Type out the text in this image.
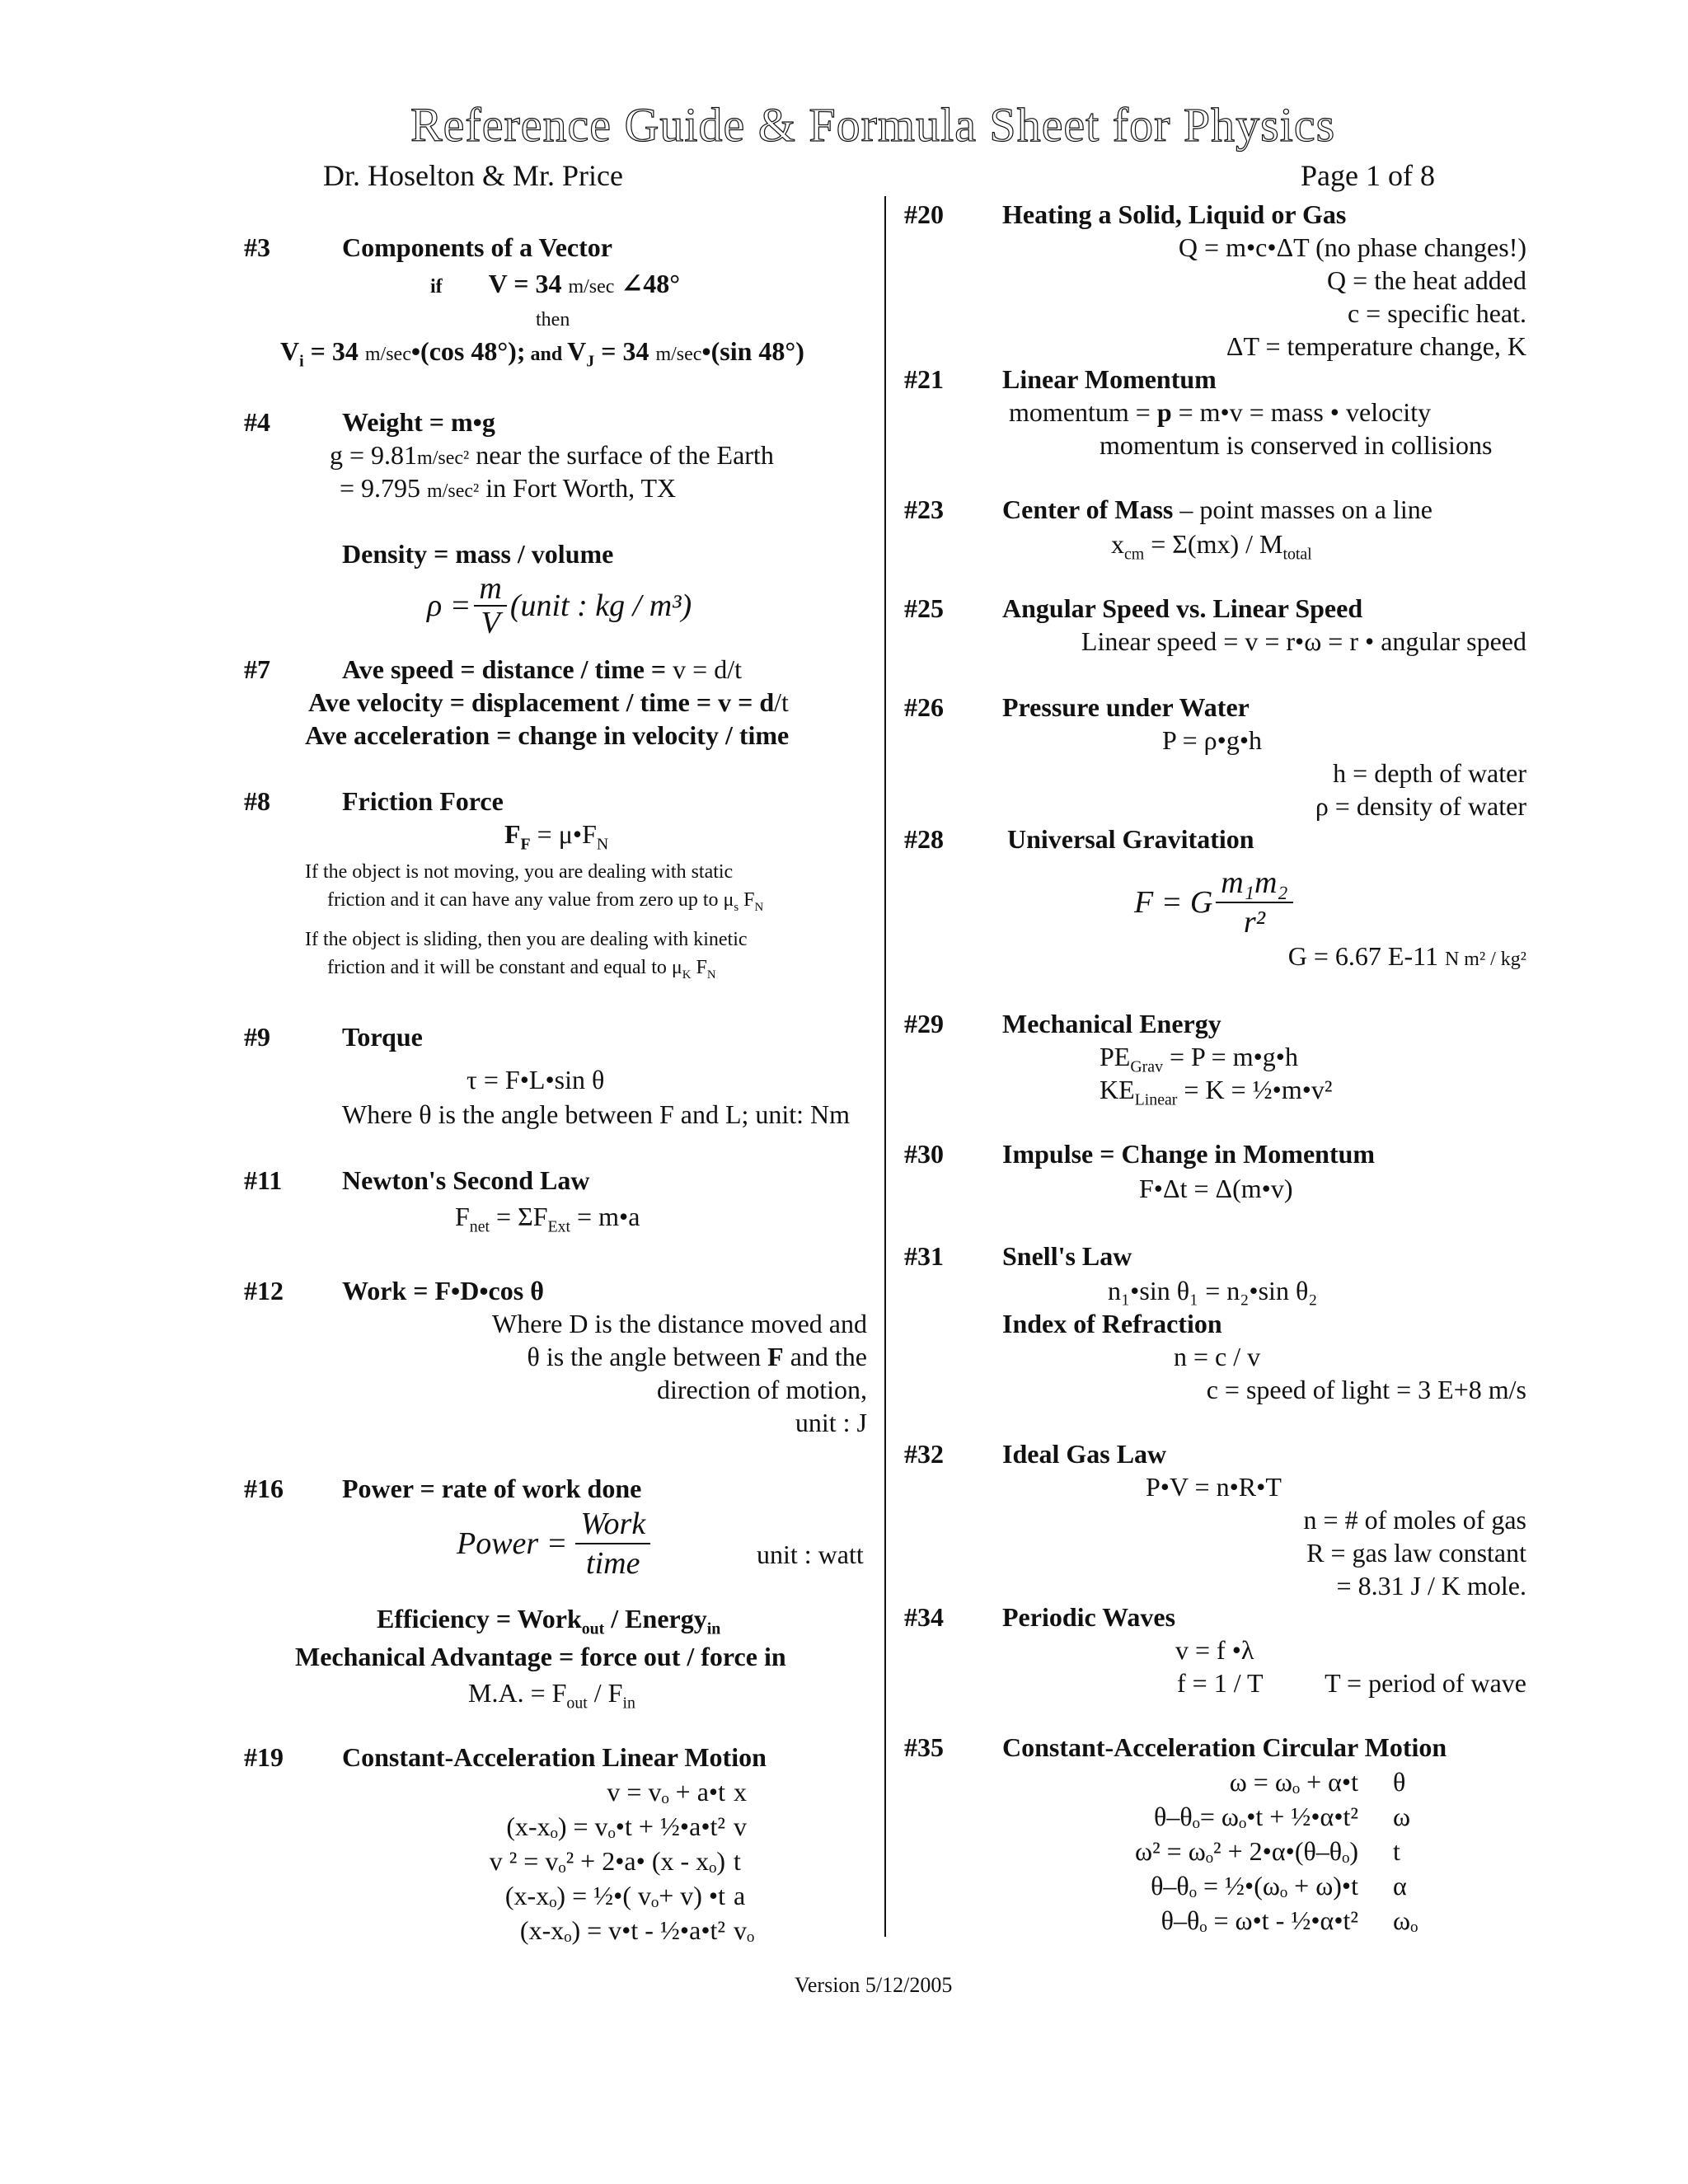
Reference Guide & Formula Sheet for Physics
Dr. Hoselton & Mr. Price	Page 1 of 8
#3	Components of a Vector
if V = 34 m/sec ∠48°
then
$V_i = 34$ m/sec•(cos 48°); and $V_J = 34$ m/sec•(sin 48°)
#4	Weight = m•g
g = 9.81m/sec² near the surface of the Earth
= 9.795 m/sec² in Fort Worth, TX
Density = mass / volume
$\rho = \frac{m}{V}$ (unit : kg / m³)
#7	Ave speed = distance / time = v = d/t
Ave velocity = displacement / time = v = d/t
Ave acceleration = change in velocity / time
#8	Friction Force
$F_F$ = $\mu•F_N$
If the object is not moving, you are dealing with static
friction and it can have any value from zero up to $\mu_s$ $F_N$
If the object is sliding, then you are dealing with kinetic
friction and it will be constant and equal to $\mu_K$ $F_N$
#9	Torque
τ = F•L•sin θ
Where θ is the angle between F and L; unit: Nm
#11 Newton's Second Law
$F_{net} = \Sigma F_{Ext}$ = m•a
#12 Work = F•D•cos θ
Where D is the distance moved and
θ is the angle between F and the
direction of motion,
unit : J
#16 Power = rate of work done
Power = $\frac{\text{Work}}{\text{time}}$	unit : watt
Efficiency = Work$_{out}$ / Energy$_{in}$
Mechanical Advantage = force out / force in
M.A. = $F_{out} / F_{in}$
#19 Constant-Acceleration Linear Motion
v = vₒ + a•t x
(x-xₒ) = vₒ•t + ½•a•t² v
v ² = vₒ² + 2•a• (x - xₒ) t
(x-xₒ) = ½•( vₒ+ v) •t a
(x-xₒ) = v•t - ½•a•t² vₒ
#20 Heating a Solid, Liquid or Gas
Q = m•c•ΔT (no phase changes!)
Q = the heat added
c = specific heat.
ΔT = temperature change, K
#21 Linear Momentum
momentum = p = m•v = mass • velocity
momentum is conserved in collisions
#23 Center of Mass – point masses on a line
$x_{cm} = \Sigma(mx) / M_{total}$
#25 Angular Speed vs. Linear Speed
Linear speed = v = r•ω = r • angular speed
#26 Pressure under Water
P = ρ•g•h
h = depth of water
ρ = density of water
#28 Universal Gravitation
F = G $\frac{\text{m₁m₂}}{\text{r²}}$
G = 6.67 E-11 N m² / kg²
#29 Mechanical Energy
$PE_{Grav} = P$ = m•g•h
$KE_{Linear} = K$ = ½•m•v²
#30 Impulse = Change in Momentum
F•Δt = Δ(m•v)
#31 Snell's Law
n₁•sin θ₁ = n₂•sin θ₂
Index of Refraction
n = c / v
c = speed of light = 3 E+8 m/s
#32 Ideal Gas Law
P•V = n•R•T
n = # of moles of gas
R = gas law constant
= 8.31 J / K mole.
#34 Periodic Waves
v = f •λ
f = 1 / T T = period of wave
#35 Constant-Acceleration Circular Motion
ω = ωₒ + α•t θ
θ–θₒ= ωₒ•t + ½•α•t² ω
ω² = ωₒ² + 2•α•(θ–θₒ) t
θ–θₒ = ½•(ωₒ + ω)•t α
θ–θₒ = ω•t - ½•α•t² ωₒ
Version 5/12/2005
